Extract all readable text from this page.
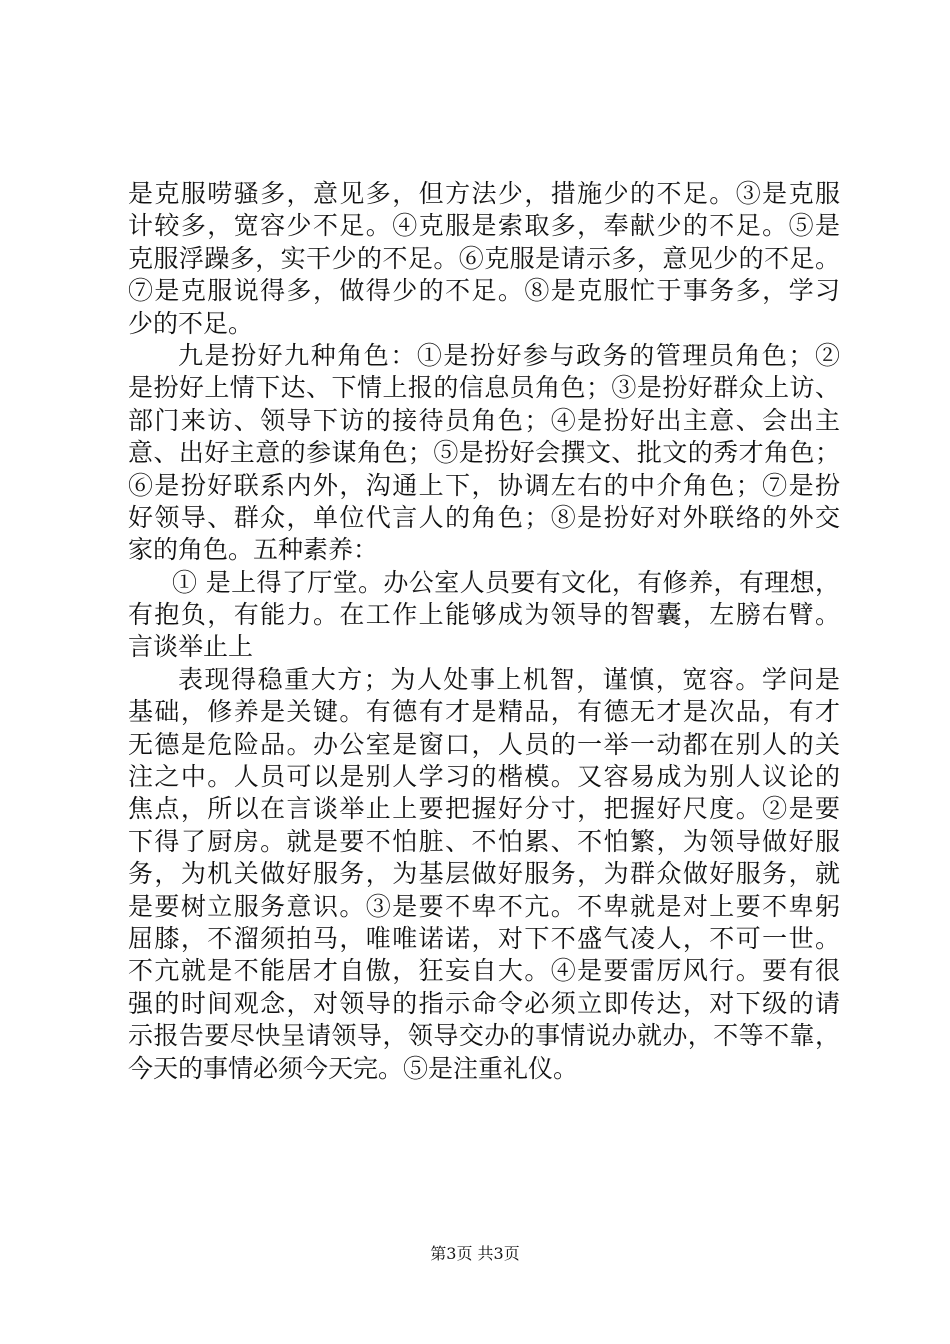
是克服唠骚多，意见多，但方法少，措施少的不足。③是克服
计较多，宽容少不足。④克服是索取多，奉献少的不足。⑤是
克服浮躁多，实干少的不足。⑥克服是请示多，意见少的不足。
⑦是克服说得多，做得少的不足。⑧是克服忙于事务多，学习
少的不足。
九是扮好九种角色：①是扮好参与政务的管理员角色；②
是扮好上情下达、下情上报的信息员角色；③是扮好群众上访、
部门来访、领导下访的接待员角色；④是扮好出主意、会出主
意、出好主意的参谋角色；⑤是扮好会撰文、批文的秀才角色；
⑥是扮好联系内外，沟通上下，协调左右的中介角色；⑦是扮
好领导、群众，单位代言人的角色；⑧是扮好对外联络的外交
家的角色。五种素养：
① 是上得了厅堂。办公室人员要有文化，有修养，有理想，
有抱负，有能力。在工作上能够成为领导的智囊，左膀右臂。
言谈举止上
表现得稳重大方；为人处事上机智，谨慎，宽容。学问是
基础，修养是关键。有德有才是精品，有德无才是次品，有才
无德是危险品。办公室是窗口，人员的一举一动都在别人的关
注之中。人员可以是别人学习的楷模。又容易成为别人议论的
焦点，所以在言谈举止上要把握好分寸，把握好尺度。②是要
下得了厨房。就是要不怕脏、不怕累、不怕繁，为领导做好服
务，为机关做好服务，为基层做好服务，为群众做好服务，就
是要树立服务意识。③是要不卑不亢。不卑就是对上要不卑躬
屈膝，不溜须拍马，唯唯诺诺，对下不盛气凌人，不可一世。
不亢就是不能居才自傲，狂妄自大。④是要雷厉风行。要有很
强的时间观念，对领导的指示命令必须立即传达，对下级的请
示报告要尽快呈请领导，领导交办的事情说办就办，不等不靠，
今天的事情必须今天完。⑤是注重礼仪。
第3页 共3页
